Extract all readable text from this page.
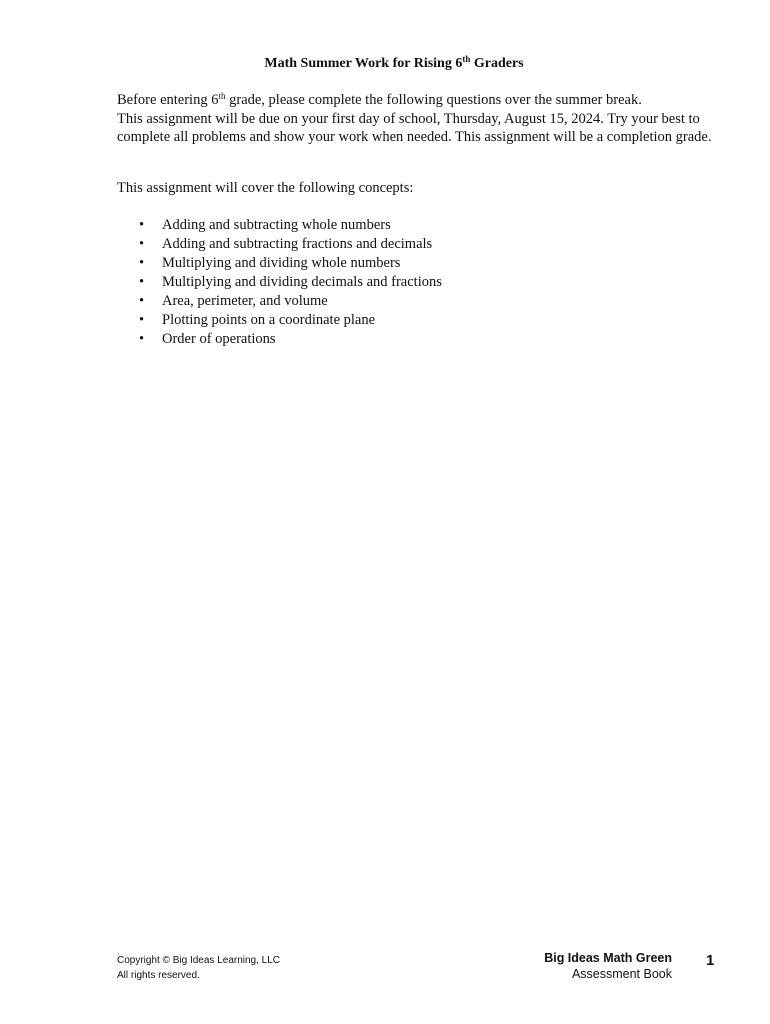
Math Summer Work for Rising 6th Graders
Before entering 6th grade, please complete the following questions over the summer break.
This assignment will be due on your first day of school, Thursday, August 15, 2024. Try your best to complete all problems and show your work when needed. This assignment will be a completion grade.
This assignment will cover the following concepts:
• Adding and subtracting whole numbers
• Adding and subtracting fractions and decimals
• Multiplying and dividing whole numbers
• Multiplying and dividing decimals and fractions
• Area, perimeter, and volume
• Plotting points on a coordinate plane
• Order of operations
Copyright © Big Ideas Learning, LLC
All rights reserved.
Big Ideas Math Green
Assessment Book
1
